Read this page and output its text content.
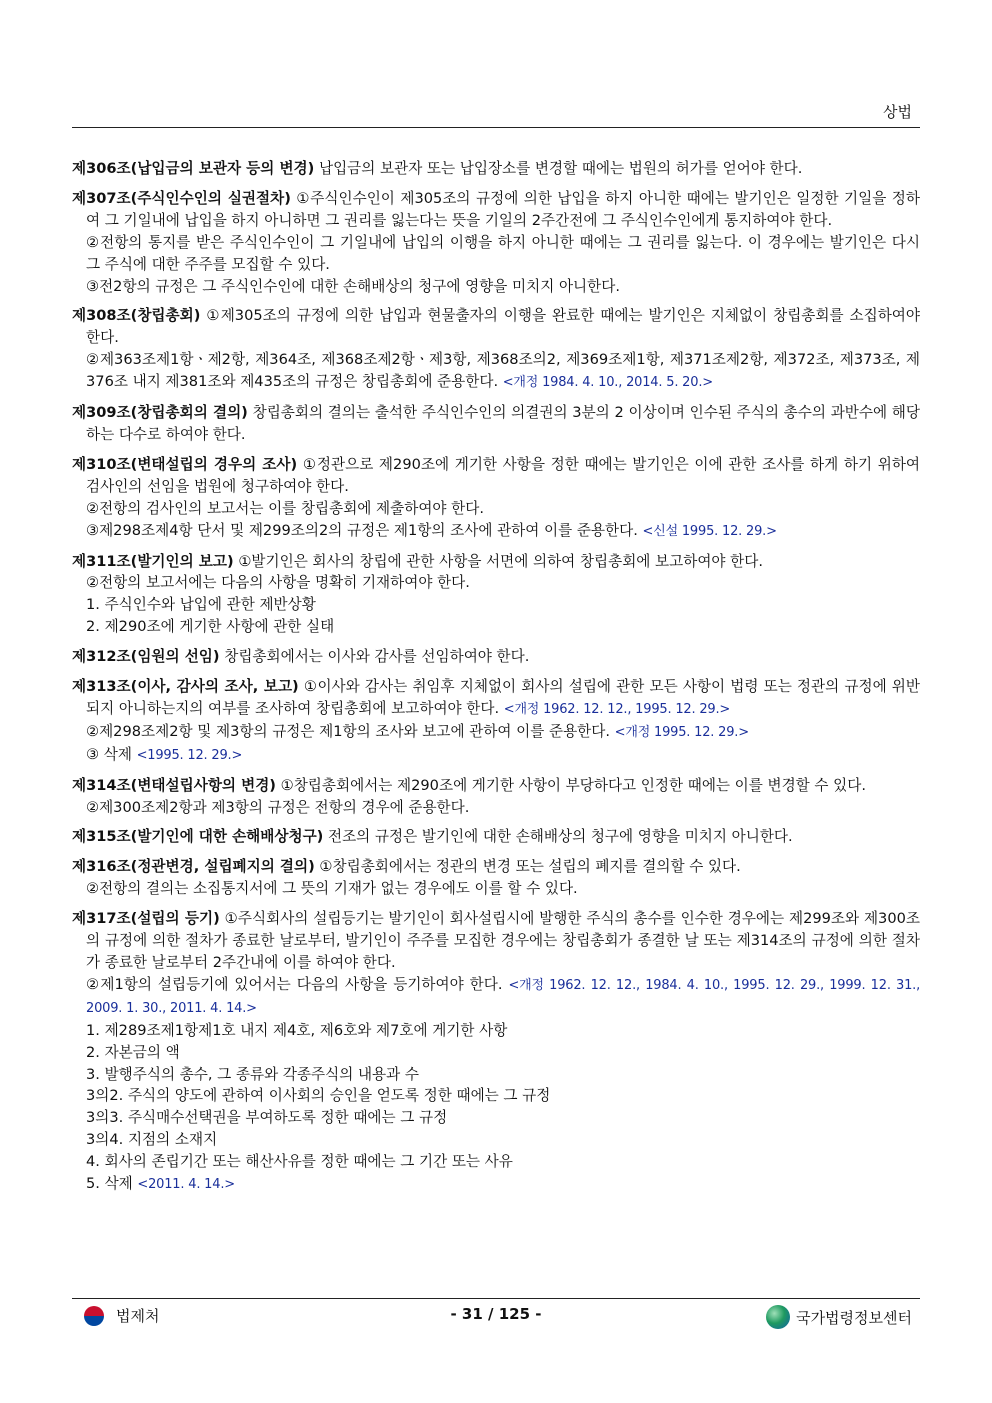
상법

제306조(납입금의 보관자 등의 변경) 납입금의 보관자 또는 납입장소를 변경할 때에는 법원의 허가를 얻어야 한다.

제307조(주식인수인의 실권절차) ①주식인수인이 제305조의 규정에 의한 납입을 하지 아니한 때에는 발기인은 일정한 기일을 정하여 그 기일내에 납입을 하지 아니하면 그 권리를 잃는다는 뜻을 기일의 2주간전에 그 주식인수인에게 통지하여야 한다.

②전항의 통지를 받은 주식인수인이 그 기일내에 납입의 이행을 하지 아니한 때에는 그 권리를 잃는다. 이 경우에는 발기인은 다시 그 주식에 대한 주주를 모집할 수 있다.

③전2항의 규정은 그 주식인수인에 대한 손해배상의 청구에 영향을 미치지 아니한다.

제308조(창립총회) ①제305조의 규정에 의한 납입과 현물출자의 이행을 완료한 때에는 발기인은 지체없이 창립총회를 소집하여야 한다.

②제363조제1항ㆍ제2항, 제364조, 제368조제2항ㆍ제3항, 제368조의2, 제369조제1항, 제371조제2항, 제372조, 제373조, 제376조 내지 제381조와 제435조의 규정은 창립총회에 준용한다. <개정 1984. 4. 10., 2014. 5. 20.>

제309조(창립총회의 결의) 창립총회의 결의는 출석한 주식인수인의 의결권의 3분의 2 이상이며 인수된 주식의 총수의 과반수에 해당하는 다수로 하여야 한다.

제310조(변태설립의 경우의 조사) ①정관으로 제290조에 게기한 사항을 정한 때에는 발기인은 이에 관한 조사를 하게 하기 위하여 검사인의 선임을 법원에 청구하여야 한다.

②전항의 검사인의 보고서는 이를 창립총회에 제출하여야 한다.

③제298조제4항 단서 및 제299조의2의 규정은 제1항의 조사에 관하여 이를 준용한다. <신설 1995. 12. 29.>

제311조(발기인의 보고) ①발기인은 회사의 창립에 관한 사항을 서면에 의하여 창립총회에 보고하여야 한다.

②전항의 보고서에는 다음의 사항을 명확히 기재하여야 한다.

1. 주식인수와 납입에 관한 제반상황

2. 제290조에 게기한 사항에 관한 실태

제312조(임원의 선임) 창립총회에서는 이사와 감사를 선임하여야 한다.

제313조(이사, 감사의 조사, 보고) ①이사와 감사는 취임후 지체없이 회사의 설립에 관한 모든 사항이 법령 또는 정관의 규정에 위반되지 아니하는지의 여부를 조사하여 창립총회에 보고하여야 한다. <개정 1962. 12. 12., 1995. 12. 29.>

②제298조제2항 및 제3항의 규정은 제1항의 조사와 보고에 관하여 이를 준용한다. <개정 1995. 12. 29.>

③ 삭제 <1995. 12. 29.>

제314조(변태설립사항의 변경) ①창립총회에서는 제290조에 게기한 사항이 부당하다고 인정한 때에는 이를 변경할 수 있다.

②제300조제2항과 제3항의 규정은 전항의 경우에 준용한다.

제315조(발기인에 대한 손해배상청구) 전조의 규정은 발기인에 대한 손해배상의 청구에 영향을 미치지 아니한다.

제316조(정관변경, 설립폐지의 결의) ①창립총회에서는 정관의 변경 또는 설립의 폐지를 결의할 수 있다.

②전항의 결의는 소집통지서에 그 뜻의 기재가 없는 경우에도 이를 할 수 있다.

제317조(설립의 등기) ①주식회사의 설립등기는 발기인이 회사설립시에 발행한 주식의 총수를 인수한 경우에는 제299조와 제300조의 규정에 의한 절차가 종료한 날로부터, 발기인이 주주를 모집한 경우에는 창립총회가 종결한 날 또는 제314조의 규정에 의한 절차가 종료한 날로부터 2주간내에 이를 하여야 한다.

②제1항의 설립등기에 있어서는 다음의 사항을 등기하여야 한다. <개정 1962. 12. 12., 1984. 4. 10., 1995. 12. 29., 1999. 12. 31., 2009. 1. 30., 2011. 4. 14.>

1. 제289조제1항제1호 내지 제4호, 제6호와 제7호에 게기한 사항

2. 자본금의 액

3. 발행주식의 총수, 그 종류와 각종주식의 내용과 수

3의2. 주식의 양도에 관하여 이사회의 승인을 얻도록 정한 때에는 그 규정

3의3. 주식매수선택권을 부여하도록 정한 때에는 그 규정

3의4. 지점의 소재지

4. 회사의 존립기간 또는 해산사유를 정한 때에는 그 기간 또는 사유

5. 삭제 <2011. 4. 14.>

법제처	- 31 / 125 -	국가법령정보센터
